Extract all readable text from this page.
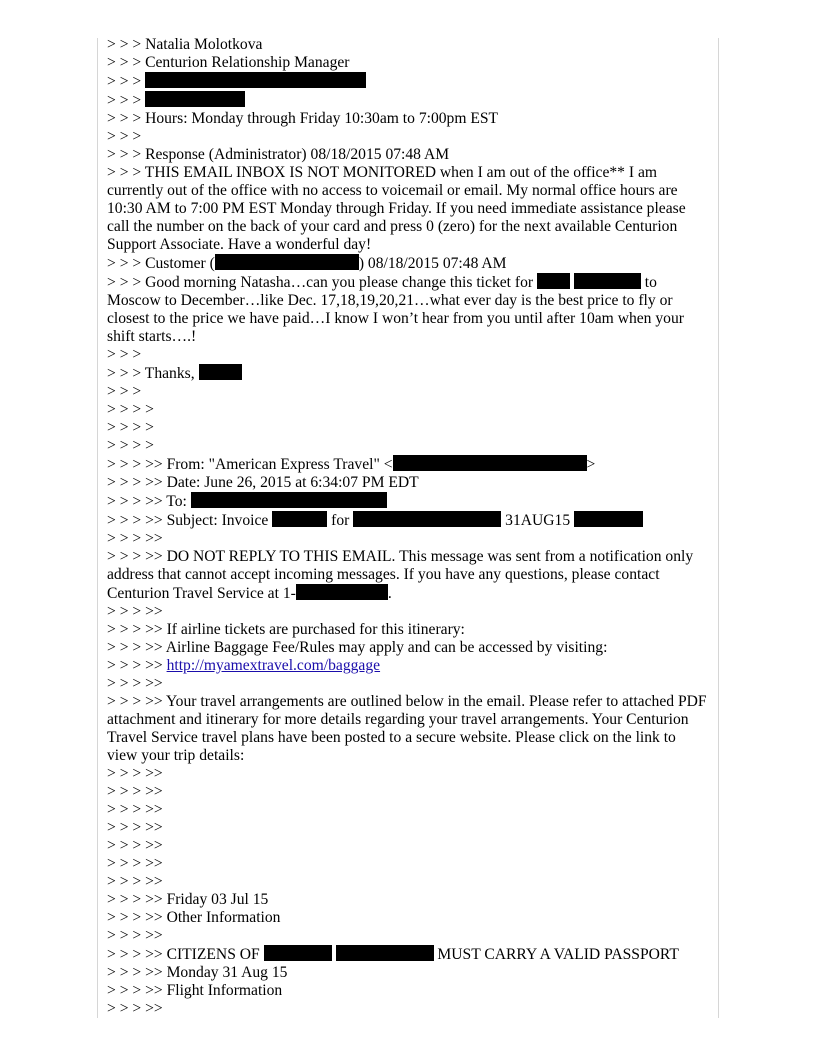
> > > Natalia Molotkova
> > > Centurion Relationship Manager
> > >
> > >
> > > Hours: Monday through Friday 10:30am to 7:00pm EST
> > >
> > > Response (Administrator) 08/18/2015 07:48 AM
> > > THIS EMAIL INBOX IS NOT MONITORED when I am out of the office** I am currently out of the office with no access to voicemail or email. My normal office hours are 10:30 AM to 7:00 PM EST Monday through Friday. If you need immediate assistance please call the number on the back of your card and press 0 (zero) for the next available Centurion Support Associate. Have a wonderful day!
> > > Customer (	) 08/18/2015 07:48 AM
> > > Good morning Natasha…can you please change this ticket for	to Moscow to December…like Dec. 17,18,19,20,21…what ever day is the best price to fly or closest to the price we have paid…I know I won’t hear from you until after 10am when your shift starts….!
> > >
> > > Thanks,
> > >
> > > >
> > > >
> > > >
> > > >> From: "American Express Travel" <	>
> > > >> Date: June 26, 2015 at 6:34:07 PM EDT
> > > >> To:
> > > >> Subject: Invoice	for	31AUG15
> > > >>
> > > >> DO NOT REPLY TO THIS EMAIL. This message was sent from a notification only address that cannot accept incoming messages. If you have any questions, please contact Centurion Travel Service at 1-	.
> > > >>
> > > >> If airline tickets are purchased for this itinerary:
> > > >> Airline Baggage Fee/Rules may apply and can be accessed by visiting:
> > > >> http://myamextravel.com/baggage
> > > >>
> > > >> Your travel arrangements are outlined below in the email. Please refer to attached PDF attachment and itinerary for more details regarding your travel arrangements. Your Centurion Travel Service travel plans have been posted to a secure website. Please click on the link to view your trip details:
> > > >>
> > > >>
> > > >>
> > > >>
> > > >>
> > > >>
> > > >>
> > > >> Friday 03 Jul 15
> > > >> Other Information
> > > >>
> > > >> CITIZENS OF	MUST CARRY A VALID PASSPORT
> > > >> Monday 31 Aug 15
> > > >> Flight Information
> > > >>
